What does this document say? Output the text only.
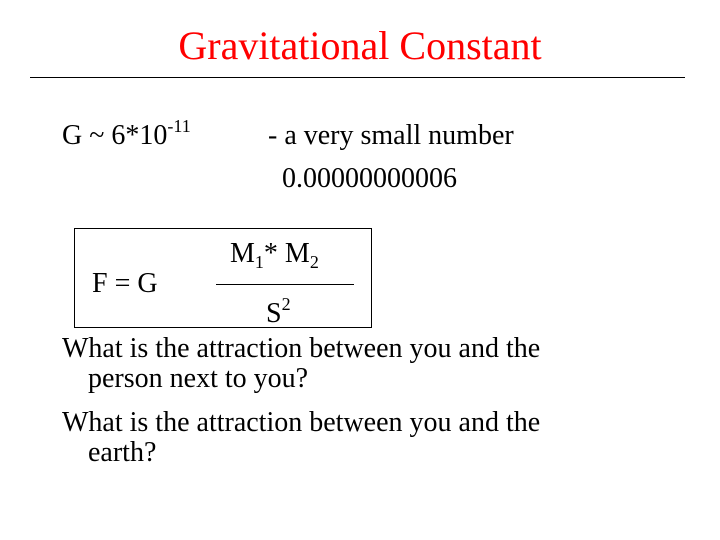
Gravitational Constant
G ~ $6*10^{-11}$	- a very small number
0.00000000006
F = G
$M_1*$ $M_2$
$S^2$
What is the attraction between you and the
person next to you?
What is the attraction between you and the
earth?
